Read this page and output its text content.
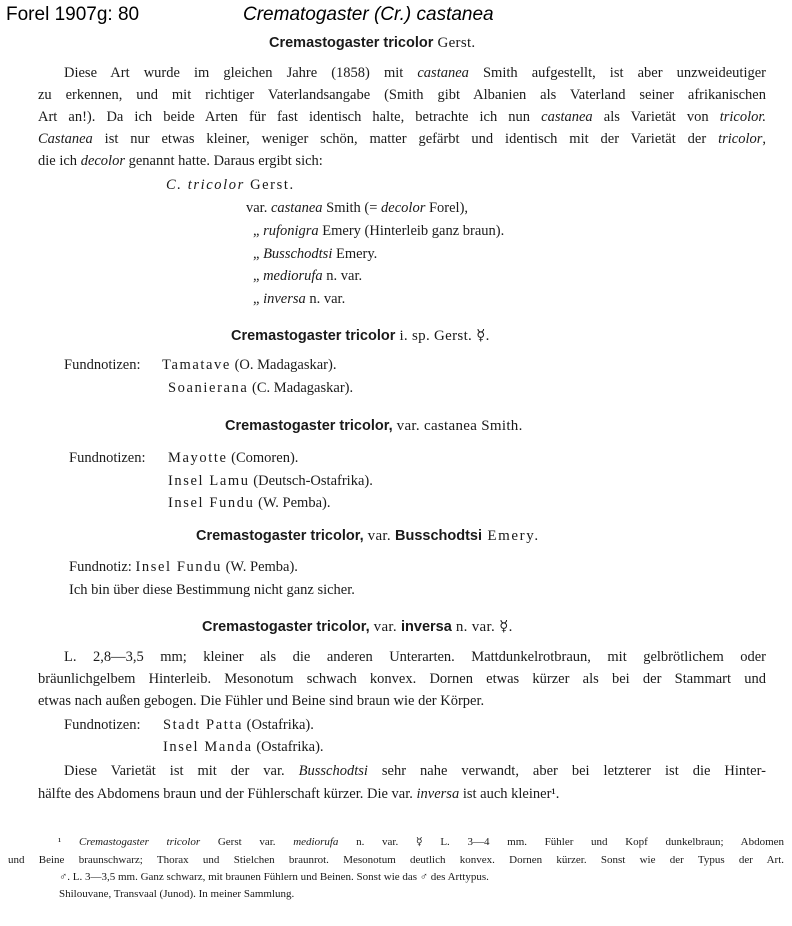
Forel 1907g: 80	Crematogaster (Cr.) castanea
Cremastogaster tricolor Gerst.
Diese Art wurde im gleichen Jahre (1858) mit castanea Smith aufgestellt, ist aber unzweideutiger
zu erkennen, und mit richtiger Vaterlandsangabe (Smith gibt Albanien als Vaterland seiner afrikanischen
Art an!). Da ich beide Arten für fast identisch halte, betrachte ich nun castanea als Varietät von tricolor.
Castanea ist nur etwas kleiner, weniger schön, matter gefärbt und identisch mit der Varietät der tricolor,
die ich decolor genannt hatte. Daraus ergibt sich:
C. tricolor Gerst.
var. castanea Smith (= decolor Forel),
„ rufonigra Emery (Hinterleib ganz braun).
„ Busschodtsi Emery.
„ mediorufa n. var.
„ inversa n. var.
Cremastogaster tricolor i. sp. Gerst. ☿.
Fundnotizen: Tamatave (O. Madagaskar).
Soanierana (C. Madagaskar).
Cremastogaster tricolor, var. castanea Smith.
Fundnotizen: Mayotte (Comoren).
Insel Lamu (Deutsch-Ostafrika).
Insel Fundu (W. Pemba).
Cremastogaster tricolor, var. Busschodtsi Emery.
Fundnotiz: Insel Fundu (W. Pemba).
Ich bin über diese Bestimmung nicht ganz sicher.
Cremastogaster tricolor, var. inversa n. var. ☿.
L. 2,8—3,5 mm; kleiner als die anderen Unterarten. Mattdunkelrotbraun, mit gelbrötlichem oder
bräunlichgelbem Hinterleib. Mesonotum schwach konvex. Dornen etwas kürzer als bei der Stammart und
etwas nach außen gebogen. Die Fühler und Beine sind braun wie der Körper.
Fundnotizen: Stadt Patta (Ostafrika).
Insel Manda (Ostafrika).
Diese Varietät ist mit der var. Busschodtsi sehr nahe verwandt, aber bei letzterer ist die Hinter-
hälfte des Abdomens braun und der Fühlerschaft kürzer. Die var. inversa ist auch kleiner¹.
¹ Cremastogaster tricolor Gerst var. mediorufa n. var. ☿ L. 3—4 mm. Fühler und Kopf dunkelbraun; Abdomen
und Beine braunschwarz; Thorax und Stielchen braunrot. Mesonotum deutlich konvex. Dornen kürzer. Sonst wie der Typus der Art.
♂. L. 3—3,5 mm. Ganz schwarz, mit braunen Fühlern und Beinen. Sonst wie das ♂ des Arttypus.
Shilouvane, Transvaal (Junod). In meiner Sammlung.
